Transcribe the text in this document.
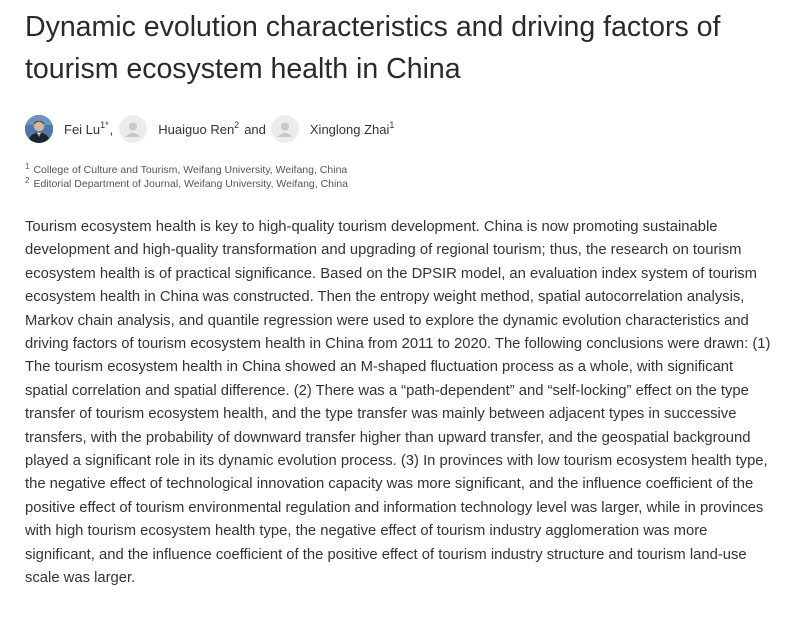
Dynamic evolution characteristics and driving factors of tourism ecosystem health in China
Fei $Lu^{1*}$ ,	Huaiguo Ren$^2$ and	Xinglong Zhai$^1$
$^1$ College of Culture and Tourism, Weifang University, Weifang, China
$^2$ Editorial Department of Journal, Weifang University, Weifang, China

Tourism ecosystem health is key to high-quality tourism development. China is now promoting sustainable development and high-quality transformation and upgrading of regional tourism; thus, the research on tourism ecosystem health is of practical significance. Based on the DPSIR model, an evaluation index system of tourism ecosystem health in China was constructed. Then the entropy weight method, spatial autocorrelation analysis, Markov chain analysis, and quantile regression were used to explore the dynamic evolution characteristics and driving factors of tourism ecosystem health in China from 2011 to 2020. The following conclusions were drawn: (1) The tourism ecosystem health in China showed an M-shaped fluctuation process as a whole, with significant spatial correlation and spatial difference. (2) There was a “path-dependent” and “self-locking” effect on the type transfer of tourism ecosystem health, and the type transfer was mainly between adjacent types in successive transfers, with the probability of downward transfer higher than upward transfer, and the geospatial background played a significant role in its dynamic evolution process. (3) In provinces with low tourism ecosystem health type, the negative effect of technological innovation capacity was more significant, and the influence coefficient of the positive effect of tourism environmental regulation and information technology level was larger, while in provinces with high tourism ecosystem health type, the negative effect of tourism industry agglomeration was more significant, and the influence coefficient of the positive effect of tourism industry structure and tourism land-use scale was larger.
